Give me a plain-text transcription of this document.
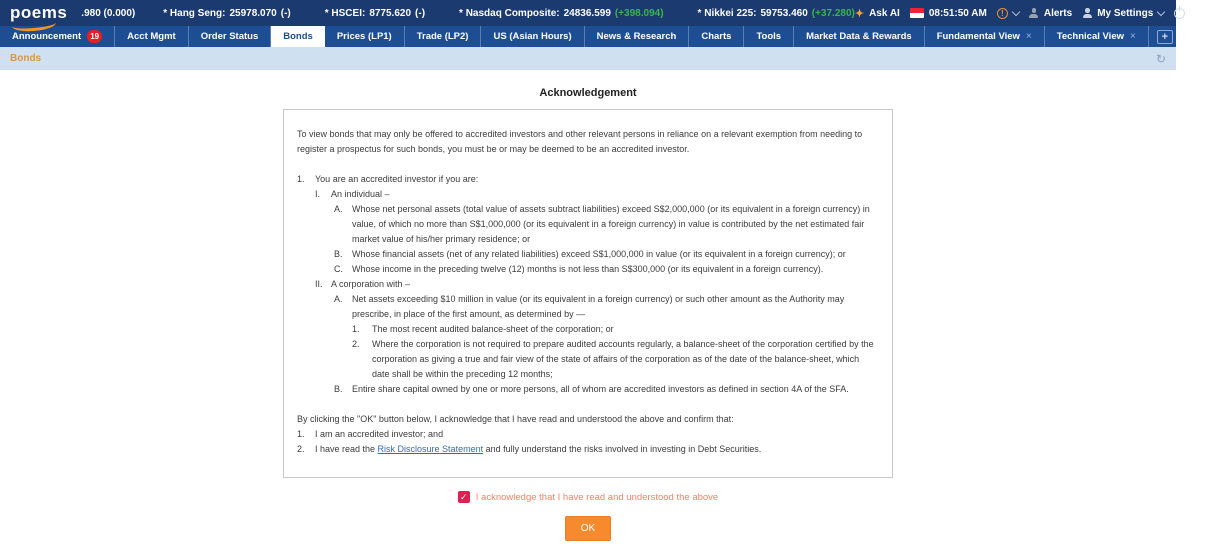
poems .980 (0.000)	* Hang Seng: 25978.070 (-)	* HSCEI: 8775.620 (-)	* Nasdaq Composite: 24836.599 (+398.094)	* Nikkei 225: 59753.460 (+37.280) ✦ Ask AI	08:51:50 AM	!	Alerts	My Settings	Logout
Announcement	19	Acct Mgmt	Order Status	Bonds	Prices (LP1)	Trade (LP2)	US (Asian Hours)	News & Research	Charts	Tools	Market Data & Rewards	Fundamental View ×	Technical View × +
Bonds	↻
Acknowledgement

To view bonds that may only be offered to accredited investors and other relevant persons in reliance on a relevant exemption from needing to register a prospectus for such bonds, you must be or may be deemed to be an accredited investor.

1.	You are an accredited investor if you are:
I.	An individual –
A.	Whose net personal assets (total value of assets subtract liabilities) exceed S$2,000,000 (or its equivalent in a foreign currency) in value, of which no more than S$1,000,000 (or its equivalent in a foreign currency) in value is contributed by the net estimated fair market value of his/her primary residence; or
B.	Whose financial assets (net of any related liabilities) exceed S$1,000,000 in value (or its equivalent in a foreign currency); or
C.	Whose income in the preceding twelve (12) months is not less than S$300,000 (or its equivalent in a foreign currency).
II. A corporation with –
A.	Net assets exceeding $10 million in value (or its equivalent in a foreign currency) or such other amount as the Authority may prescribe, in place of the first amount, as determined by —
1.	The most recent audited balance-sheet of the corporation; or
2.	Where the corporation is not required to prepare audited accounts regularly, a balance-sheet of the corporation certified by the corporation as giving a true and fair view of the state of affairs of the corporation as of the date of the balance-sheet, which date shall be within the preceding 12 months;
B.	Entire share capital owned by one or more persons, all of whom are accredited investors as defined in section 4A of the SFA.

By clicking the "OK" button below, I acknowledge that I have read and understood the above and confirm that:

1.	I am an accredited investor; and
2.	I have read the Risk Disclosure Statement and fully understand the risks involved in investing in Debt Securities.
✓ I acknowledge that I have read and understood the above
OK
